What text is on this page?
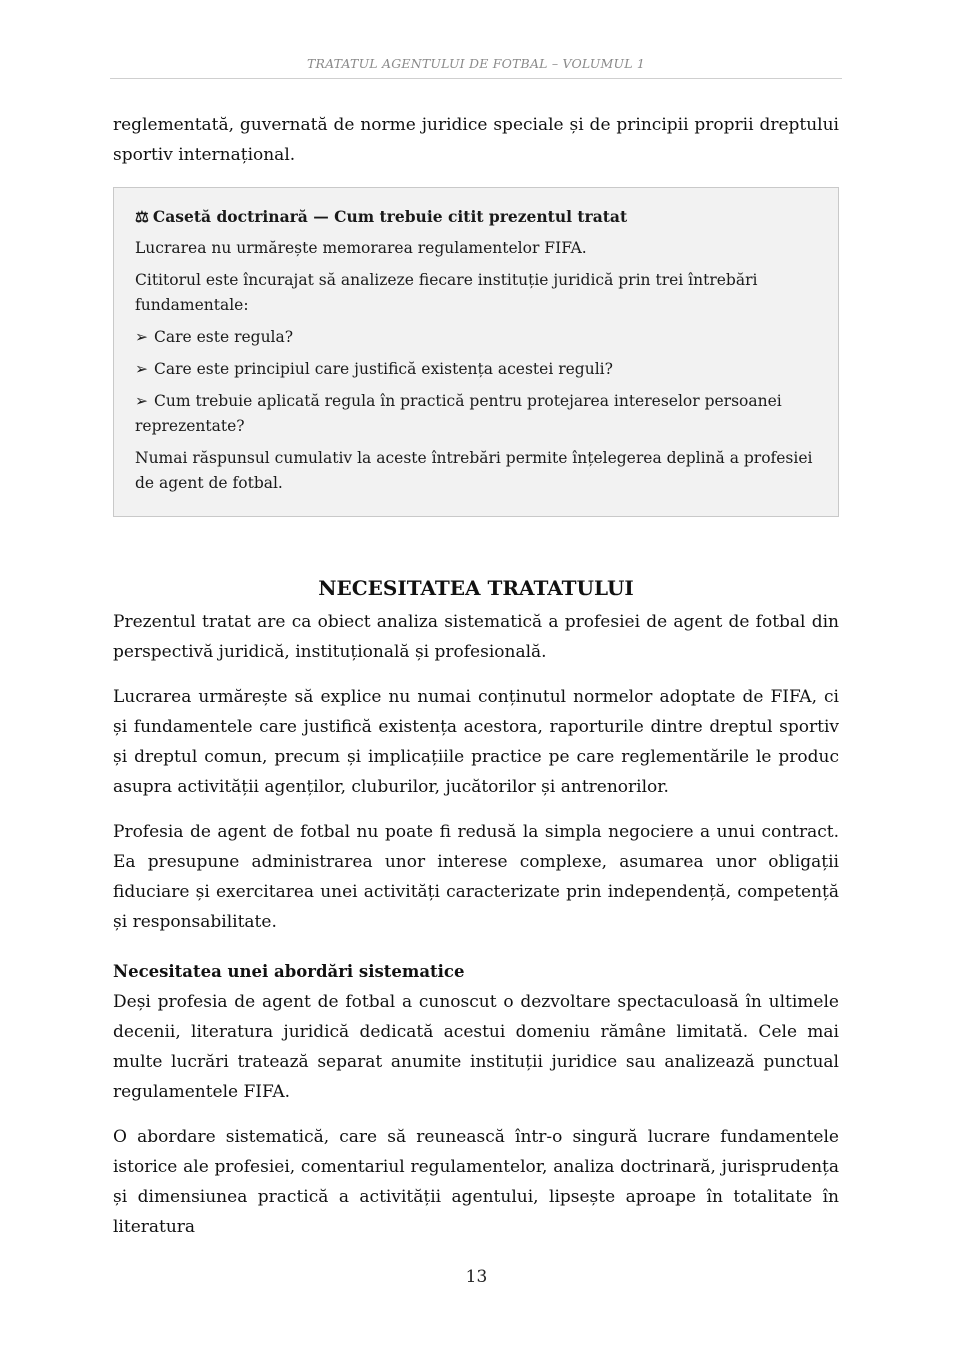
TRATATUL AGENTULUI DE FOTBAL – VOLUMUL 1

reglementată, guvernată de norme juridice speciale și de principii proprii dreptului sportiv internațional.

⚖ Casetă doctrinară — Cum trebuie citit prezentul tratat

Lucrarea nu urmărește memorarea regulamentelor FIFA.

Cititorul este încurajat să analizeze fiecare instituție juridică prin trei întrebări fundamentale:

➢ Care este regula?

➢ Care este principiul care justifică existența acestei reguli?

➢ Cum trebuie aplicată regula în practică pentru protejarea intereselor persoanei reprezentate?

Numai răspunsul cumulativ la aceste întrebări permite înțelegerea deplină a profesiei de agent de fotbal.

NECESITATEA TRATATULUI

Prezentul tratat are ca obiect analiza sistematică a profesiei de agent de fotbal din perspectivă juridică, instituțională și profesională.

Lucrarea urmărește să explice nu numai conținutul normelor adoptate de FIFA, ci și fundamentele care justifică existența acestora, raporturile dintre dreptul sportiv și dreptul comun, precum și implicațiile practice pe care reglementările le produc asupra activității agenților, cluburilor, jucătorilor și antrenorilor.

Profesia de agent de fotbal nu poate fi redusă la simpla negociere a unui contract. Ea presupune administrarea unor interese complexe, asumarea unor obligații fiduciare și exercitarea unei activități caracterizate prin independență, competență și responsabilitate.

Necesitatea unei abordări sistematice

Deși profesia de agent de fotbal a cunoscut o dezvoltare spectaculoasă în ultimele decenii, literatura juridică dedicată acestui domeniu rămâne limitată. Cele mai multe lucrări tratează separat anumite instituții juridice sau analizează punctual regulamentele FIFA.

O abordare sistematică, care să reunească într-o singură lucrare fundamentele istorice ale profesiei, comentariul regulamentelor, analiza doctrinară, jurisprudența și dimensiunea practică a activității agentului, lipsește aproape în totalitate în literatura

13
